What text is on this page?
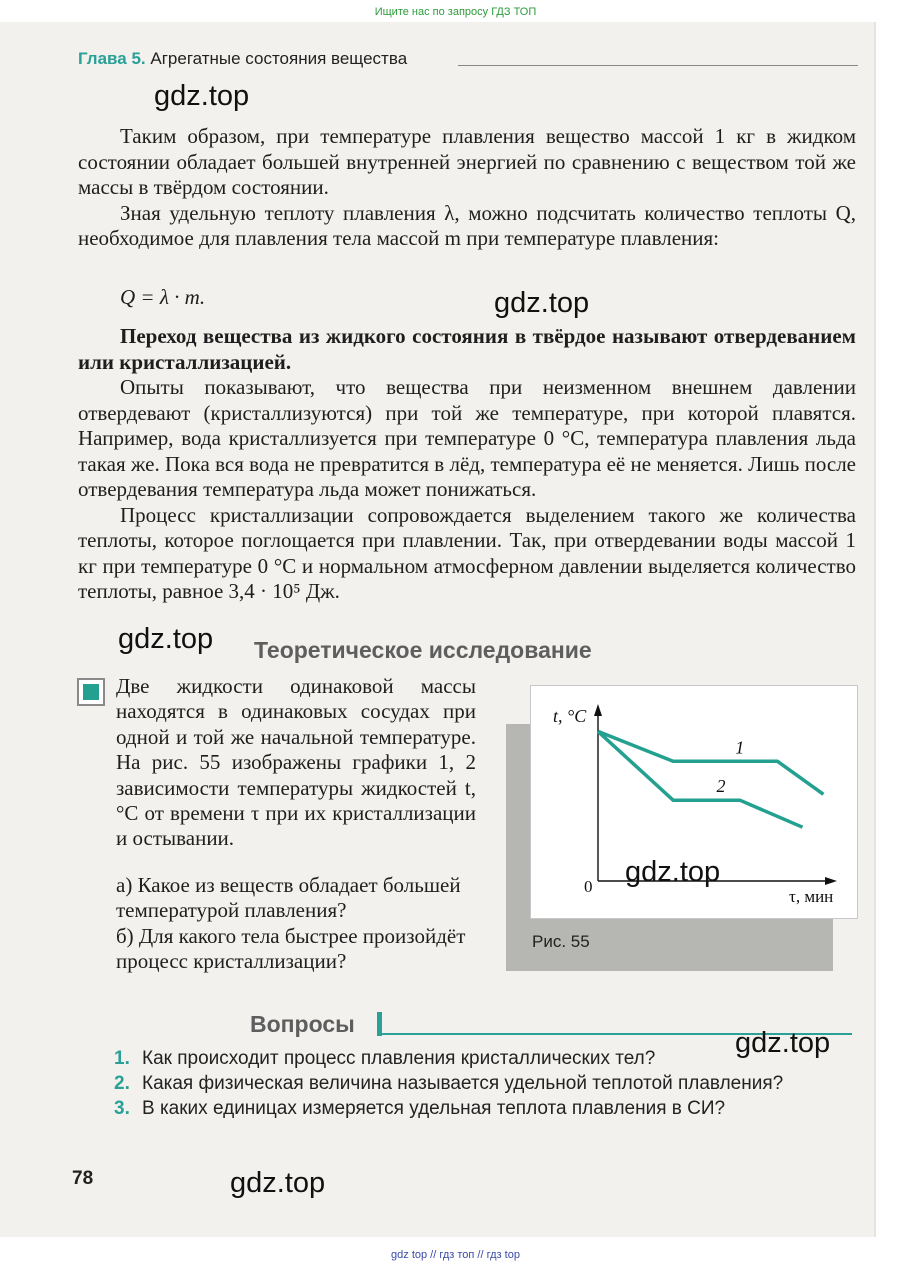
Ищите нас по запросу ГДЗ ТОП
Глава 5. Агрегатные состояния вещества
gdz.top

Таким образом, при температуре плавления вещество массой 1 кг в жидком состоянии обладает большей внутренней энергией по сравнению с веществом той же массы в твёрдом состоянии.

Зная удельную теплоту плавления λ, можно подсчитать количество теплоты Q, необходимое для плавления тела массой m при температуре плавления:

Q = λ · m.	gdz.top

Переход вещества из жидкого состояния в твёрдое называют отвердеванием или кристаллизацией.

Опыты показывают, что вещества при неизменном внешнем давлении отвердевают (кристаллизуются) при той же температуре, при которой плавятся. Например, вода кристаллизуется при температуре 0 °C, температура плавления льда такая же. Пока вся вода не превратится в лёд, температура её не меняется. Лишь после отвердевания температура льда может понижаться.

Процесс кристаллизации сопровождается выделением такого же количества теплоты, которое поглощается при плавлении. Так, при отвердевании воды массой 1 кг при температуре 0 °C и нормальном атмосферном давлении выделяется количество теплоты, равное 3,4 · 10⁵ Дж.

gdz.top Теоретическое исследование

Две жидкости одинаковой массы находятся в одинаковых сосудах при одной и той же начальной температуре. На рис. 55 изображены графики 1, 2 зависимости температуры жидкостей t, °C от времени τ при их кристаллизации и остывании.

а) Какое из веществ обладает большей температурой плавления?

б) Для какого тела быстрее произойдёт процесс кристаллизации?

t, °C
τ, мин
0
1
2
Рис. 55
gdz.top
Вопросы
gdz.top
1. Как происходит процесс плавления кристаллических тел?
2. Какая физическая величина называется удельной теплотой плавления?
3. В каких единицах измеряется удельная теплота плавления в СИ?
78	gdz.top
gdz top // гдз топ // гдз top
